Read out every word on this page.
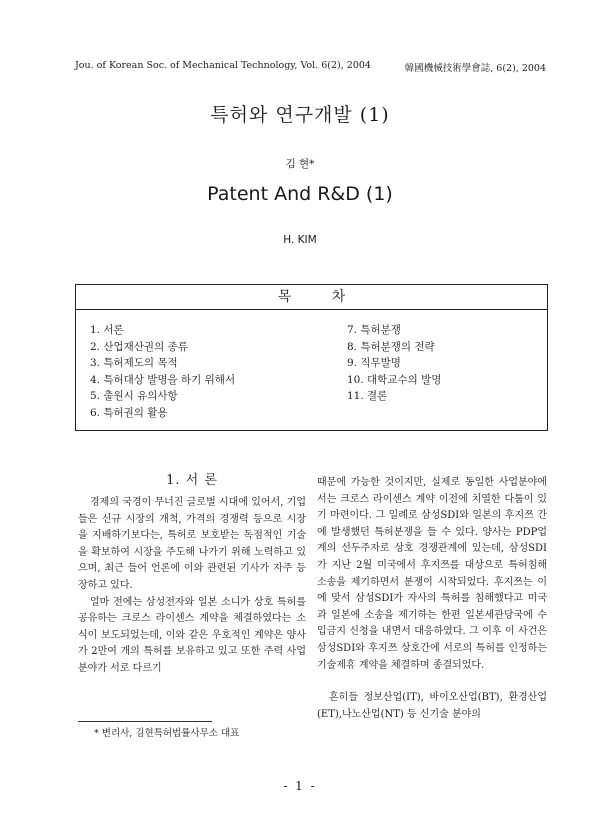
Jou. of Korean Soc. of Mechanical Technology, Vol. 6(2), 2004	韓國機械技術學會誌, 6(2), 2004
특허와 연구개발 (1)
김 현*
Patent And R&D (1)
H. KIM
목 차
1. 서론
2. 산업재산권의 종류
3. 특허제도의 목적
4. 특허대상 발명을 하기 위해서
5. 출원시 유의사항
6. 특허권의 활용
7. 특허분쟁
8. 특허분쟁의 전략
9. 직무발명
10. 대학교수의 발명
11. 결론
1. 서 론

경제의 국경이 무너진 글로벌 시대에 있어서, 기업들은 신규 시장의 개척, 가격의 경쟁력 등으로 시장을 지배하기보다는, 특허로 보호받는 독점적인 기술을 확보하여 시장을 주도해 나가기 위해 노력하고 있으며, 최근 들어 언론에 이와 관련된 기사가 자주 등장하고 있다.

얼마 전에는 삼성전자와 일본 소니가 상호 특허를 공유하는 크로스 라이센스 계약을 체결하였다는 소식이 보도되었는데, 이와 같은 우호적인 계약은 양사가 2만여 개의 특허를 보유하고 있고 또한 주력 사업분야가 서로 다르기

* 변리사, 김현특허법률사무소 대표

때문에 가능한 것이지만, 실제로 동일한 사업분야에서는 크로스 라이센스 계약 이전에 치열한 다툼이 있기 마련이다. 그 일례로 삼성SDI와 일본의 후지쯔 간에 발생했던 특허분쟁을 들 수 있다. 양사는 PDP업계의 선두주자로 상호 경쟁관계에 있는데, 삼성SDI가 지난 2월 미국에서 후지쯔를 대상으로 특허침해 소송을 제기하면서 분쟁이 시작되었다. 후지쯔는 이에 맞서 삼성SDI가 자사의 특허를 침해했다고 미국과 일본에 소송을 제기하는 한편 일본세관당국에 수입금지 신청을 내면서 대응하였다. 그 이후 이 사건은 삼성SDI와 후지쯔 상호간에 서로의 특허를 인정하는 기술제휴 계약을 체결하며 종결되었다.

흔히들 정보산업(IT), 바이오산업(BT), 환경산업(ET),나노산업(NT) 등 신기술 분야의

- 1 -
